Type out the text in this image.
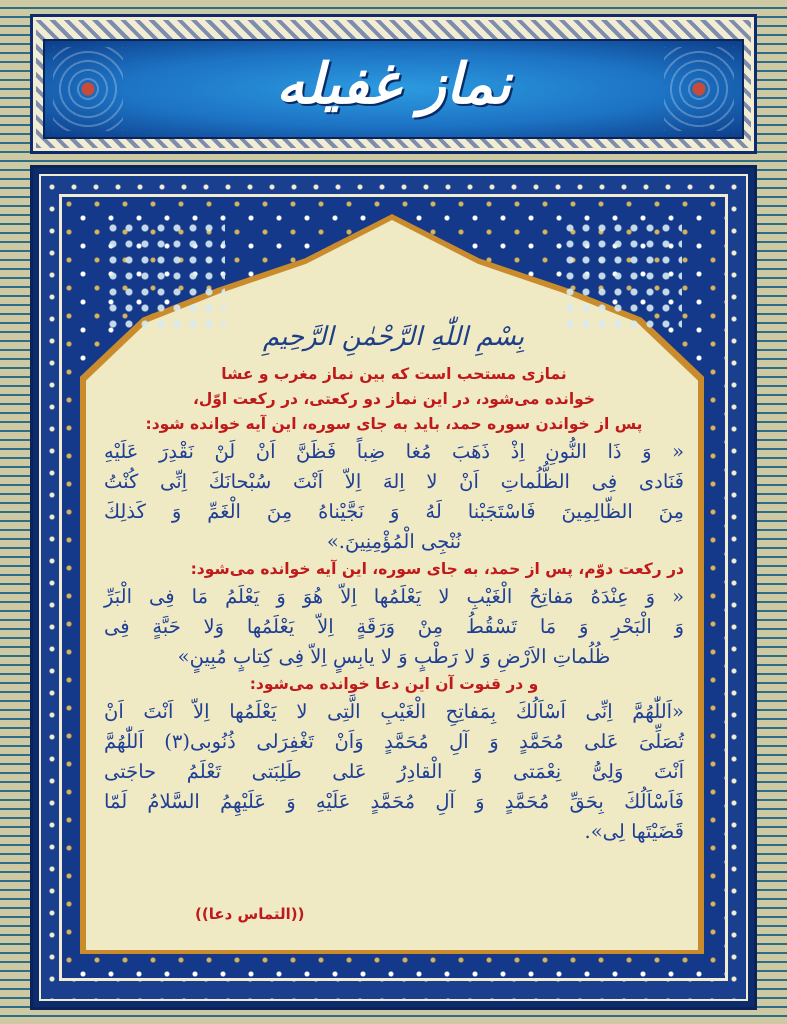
نماز غفیله
بِسْمِ اللّٰهِ الرَّحْمٰنِ الرَّحِیمِ

نمازی مستحب است که بین نماز مغرب و عشا

خوانده می‌شود، در این نماز دو رکعتی، در رکعت اوّل،

پس از خواندن سوره حمد، باید به جای سوره، این آیه خوانده شود:

« وَ ذَا النُّونِ اِذْ ذَهَبَ مُغا ضِباً فَظَنَّ اَنْ لَنْ نَقْدِرَ عَلَیْهِ

فَنَادی فِی الظُّلُماتِ اَنْ لا اِلهَ اِلاّ اَنْتَ سُبْحانَكَ اِنِّی كُنْتُ

مِنَ الظّالِمِینَ فَاسْتَجَبْنا لَهُ وَ نَجَّیْناهُ مِنَ الْغَمِّ وَ كَذلِكَ

نُنْجِی الْمُؤْمِنِینَ.»

در رکعت دوّم، پس از حمد، به جای سوره، این آیه خوانده می‌شود:

« وَ عِنْدَهُ مَفاتِحُ الْغَیْبِ لا یَعْلَمُها اِلاّ هُوَ وَ یَعْلَمُ مَا فِی الْبَرِّ

وَ الْبَحْرِ وَ مَا تَسْقُطُ مِنْ وَرَقَةٍ اِلاّ یَعْلَمُها وَلا حَبَّةٍ فِی

ظُلُماتِ الاَرْضِ وَ لا رَطْبٍ وَ لا یابِسٍ اِلاّ فِی كِتابٍ مُبِینٍ»

و در قنوت آن این دعا خوانده می‌شود:

«اَللّٰهُمَّ اِنِّی اَسْاَلُكَ بِمَفاتِحِ الْغَیْبِ الَّتِی لا یَعْلَمُها اِلاّ اَنْتَ اَنْ

تُصَلِّیَ عَلی مُحَمَّدٍ وَ آلِ مُحَمَّدٍ وَاَنْ تَغْفِرَلی ذُنُوبی(٣) اَللّٰهُمَّ

اَنْتَ وَلِیُّ نِعْمَتی وَ الْقادِرُ عَلی طَلِبَتی تَعْلَمُ حاجَتی

فَاَسْاَلُكَ بِحَقِّ مُحَمَّدٍ وَ آلِ مُحَمَّدٍ عَلَیْهِ وَ عَلَیْهِمُ السَّلامُ لَمّا

قَضَیْتَها لِی».

((التماس دعا))
